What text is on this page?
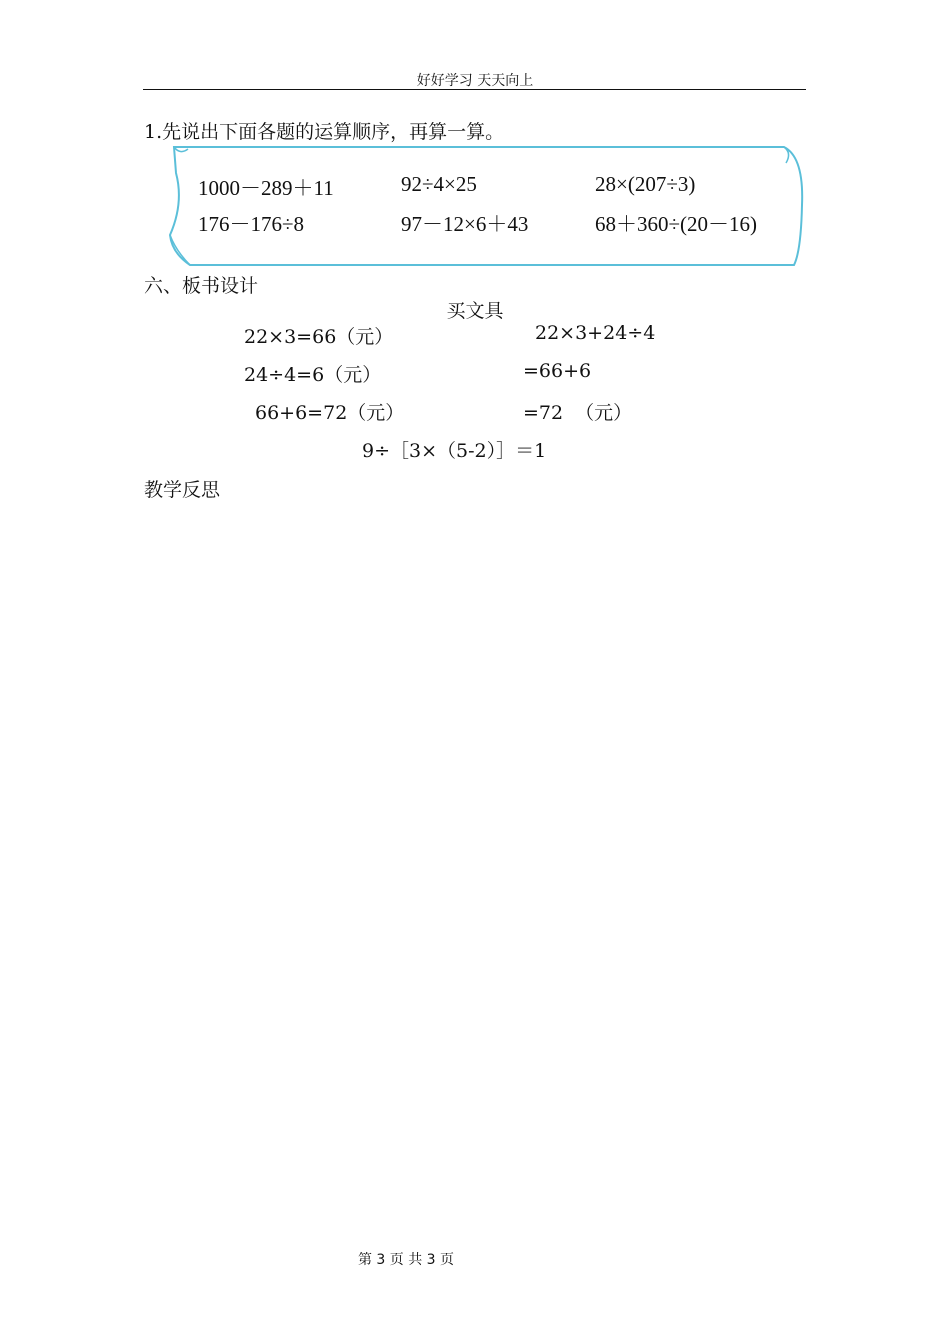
好好学习 天天向上
1.先说出下面各题的运算顺序，再算一算。
1000－289＋11	92÷4×25	28×(207÷3)
176－176÷8	97－12×6＋43	68＋360÷(20－16)
六、板书设计
买文具
22×3=66（元）
24÷4=6（元）
66+6=72（元）
22×3+24÷4
=66+6
=72  （元）
9÷［3×（5-2）］＝1
教学反思
第 3 页 共 3 页
